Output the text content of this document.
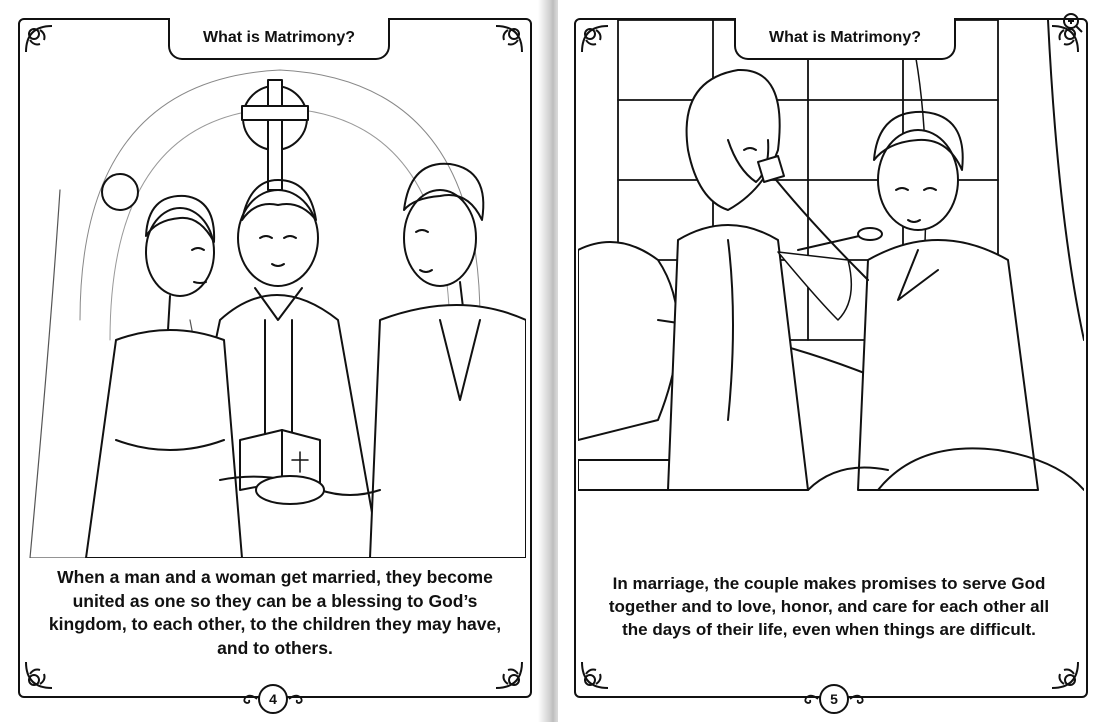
What is Matrimony?
When a man and a woman get married, they become united as one so they can be a blessing to God’s kingdom, to each other, to the children they may have, and to others.
4
What is Matrimony?
In marriage, the couple makes promises to serve God together and to love, honor, and care for each other all the days of their life, even when things are difficult.
5
